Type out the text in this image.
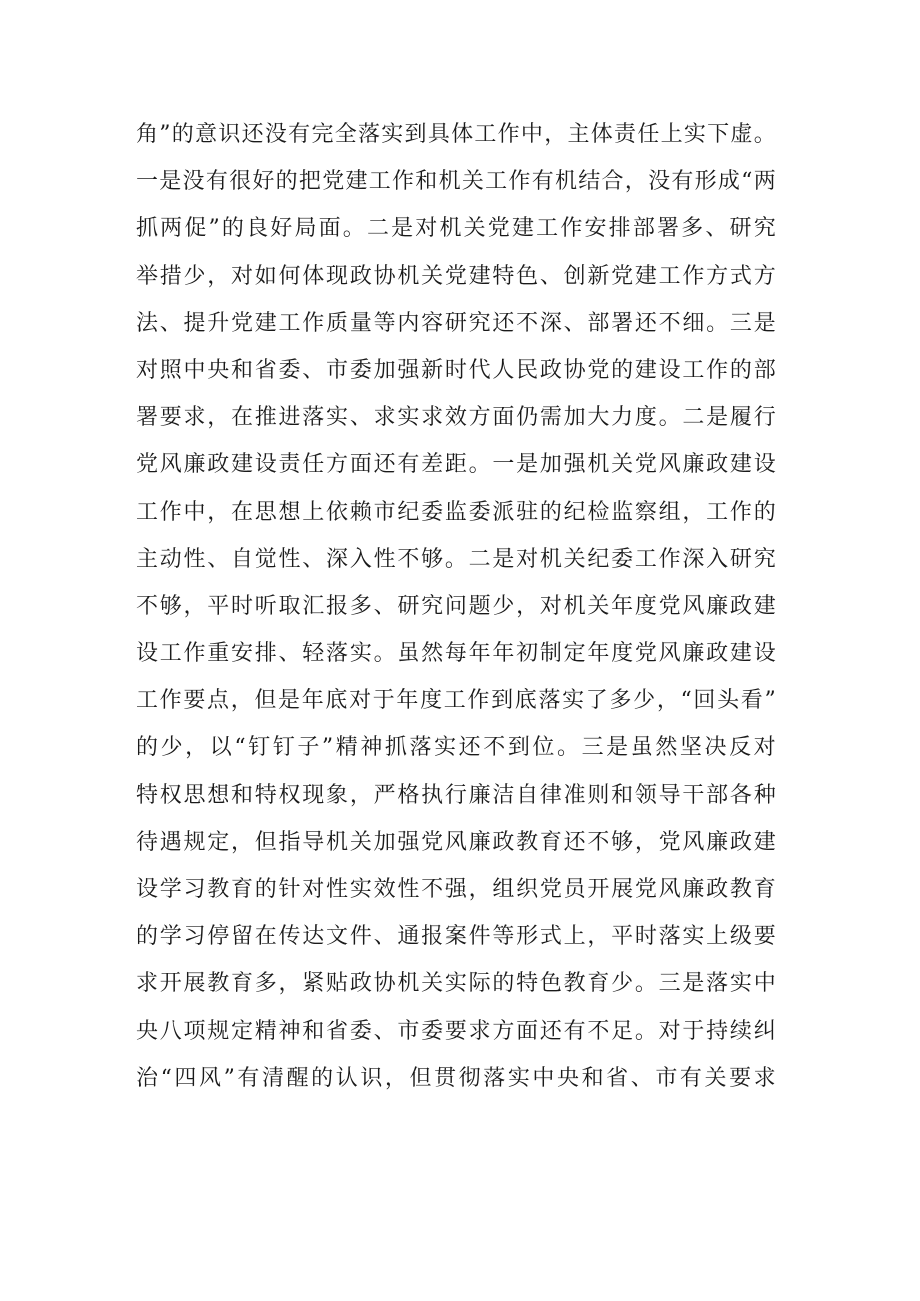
角”的意识还没有完全落实到具体工作中，主体责任上实下虚。
一是没有很好的把党建工作和机关工作有机结合，没有形成“两
抓两促”的良好局面。二是对机关党建工作安排部署多、研究
举措少，对如何体现政协机关党建特色、创新党建工作方式方
法、提升党建工作质量等内容研究还不深、部署还不细。三是
对照中央和省委、市委加强新时代人民政协党的建设工作的部
署要求，在推进落实、求实求效方面仍需加大力度。二是履行
党风廉政建设责任方面还有差距。一是加强机关党风廉政建设
工作中，在思想上依赖市纪委监委派驻的纪检监察组，工作的
主动性、自觉性、深入性不够。二是对机关纪委工作深入研究
不够，平时听取汇报多、研究问题少，对机关年度党风廉政建
设工作重安排、轻落实。虽然每年年初制定年度党风廉政建设
工作要点，但是年底对于年度工作到底落实了多少，“回头看”
的少，以“钉钉子”精神抓落实还不到位。三是虽然坚决反对
特权思想和特权现象，严格执行廉洁自律准则和领导干部各种
待遇规定，但指导机关加强党风廉政教育还不够，党风廉政建
设学习教育的针对性实效性不强，组织党员开展党风廉政教育
的学习停留在传达文件、通报案件等形式上，平时落实上级要
求开展教育多，紧贴政协机关实际的特色教育少。三是落实中
央八项规定精神和省委、市委要求方面还有不足。对于持续纠
治“四风”有清醒的认识，但贯彻落实中央和省、市有关要求
